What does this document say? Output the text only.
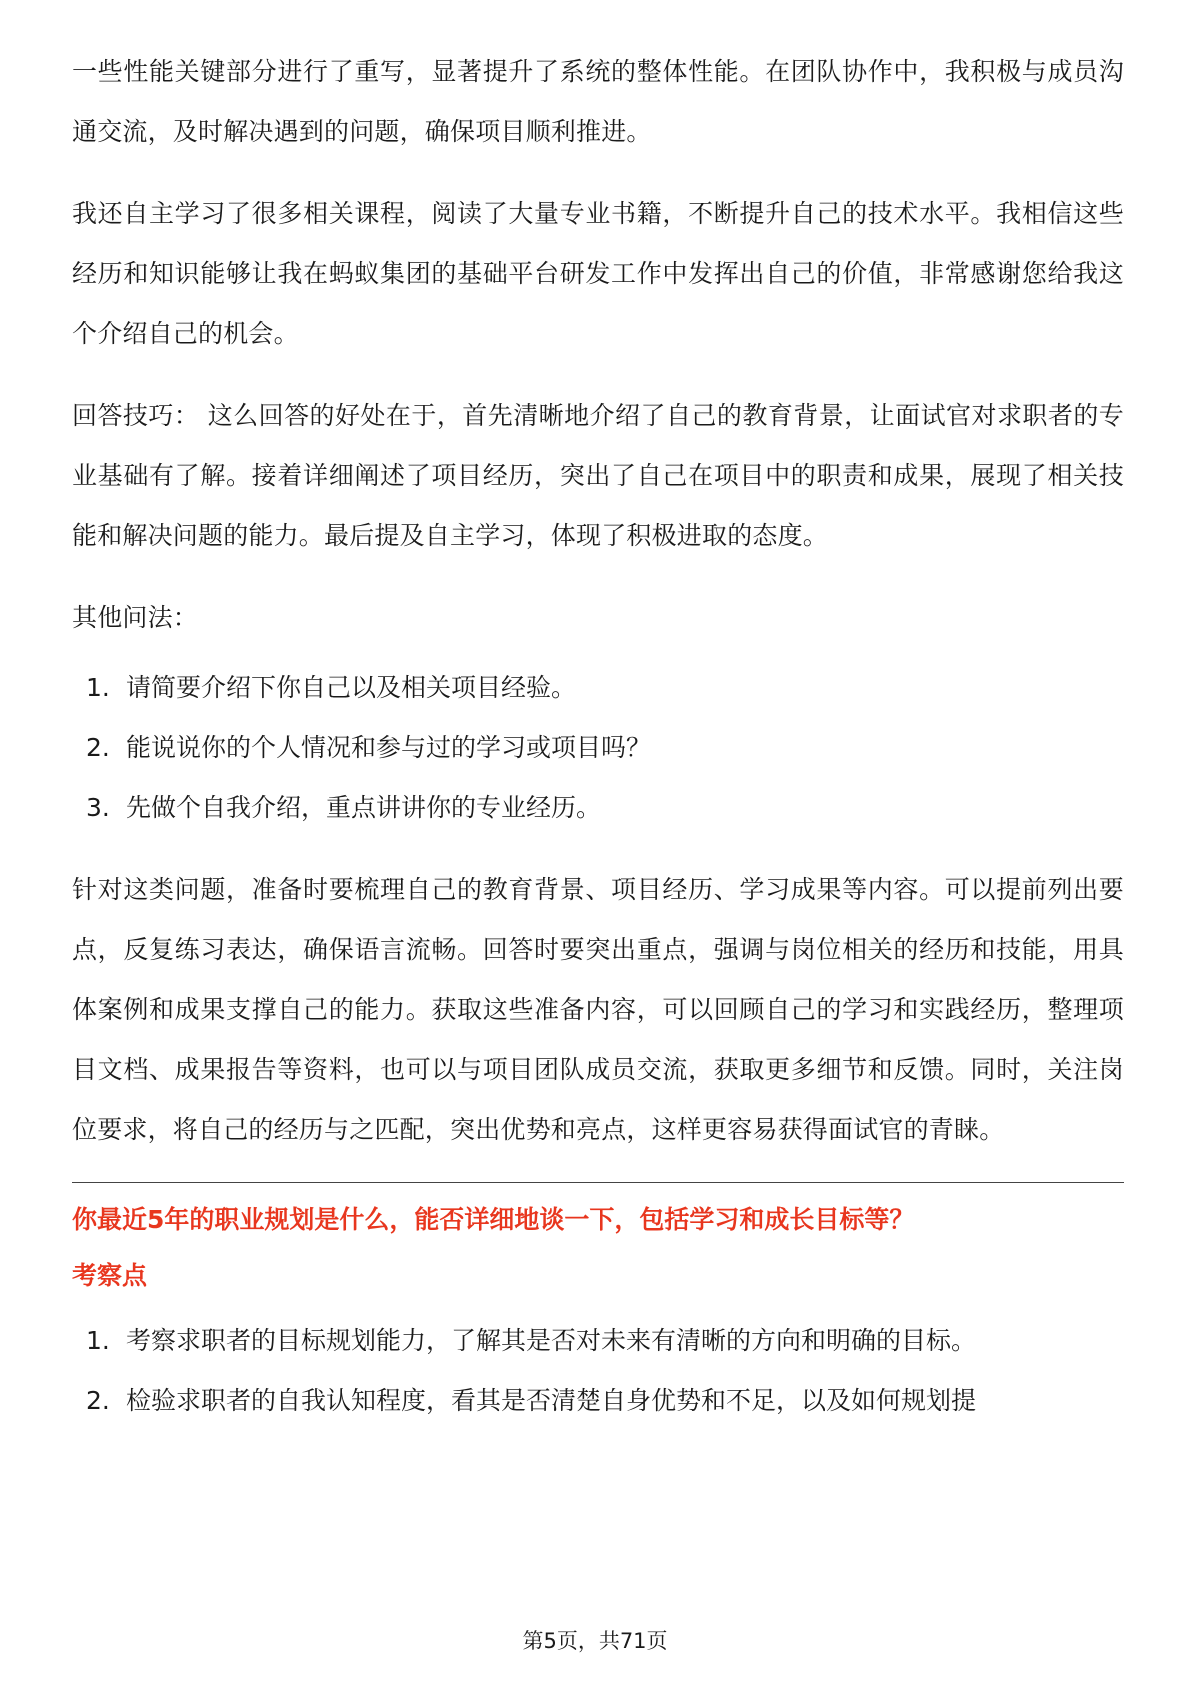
一些性能关键部分进行了重写，显著提升了系统的整体性能。在团队协作中，我积极与成员沟通交流，及时解决遇到的问题，确保项目顺利推进。

我还自主学习了很多相关课程，阅读了大量专业书籍，不断提升自己的技术水平。我相信这些经历和知识能够让我在蚂蚁集团的基础平台研发工作中发挥出自己的价值，非常感谢您给我这个介绍自己的机会。

回答技巧： 这么回答的好处在于，首先清晰地介绍了自己的教育背景，让面试官对求职者的专业基础有了解。接着详细阐述了项目经历，突出了自己在项目中的职责和成果，展现了相关技能和解决问题的能力。最后提及自主学习，体现了积极进取的态度。

其他问法：

1. 请简要介绍下你自己以及相关项目经验。
2. 能说说你的个人情况和参与过的学习或项目吗？
3. 先做个自我介绍，重点讲讲你的专业经历。

针对这类问题，准备时要梳理自己的教育背景、项目经历、学习成果等内容。可以提前列出要点，反复练习表达，确保语言流畅。回答时要突出重点，强调与岗位相关的经历和技能，用具体案例和成果支撑自己的能力。获取这些准备内容，可以回顾自己的学习和实践经历，整理项目文档、成果报告等资料，也可以与项目团队成员交流，获取更多细节和反馈。同时，关注岗位要求，将自己的经历与之匹配，突出优势和亮点，这样更容易获得面试官的青睐。

你最近5年的职业规划是什么，能否详细地谈一下，包括学习和成长目标等？
考察点
1. 考察求职者的目标规划能力，了解其是否对未来有清晰的方向和明确的目标。
2. 检验求职者的自我认知程度，看其是否清楚自身优势和不足，以及如何规划提
第5页，共71页
